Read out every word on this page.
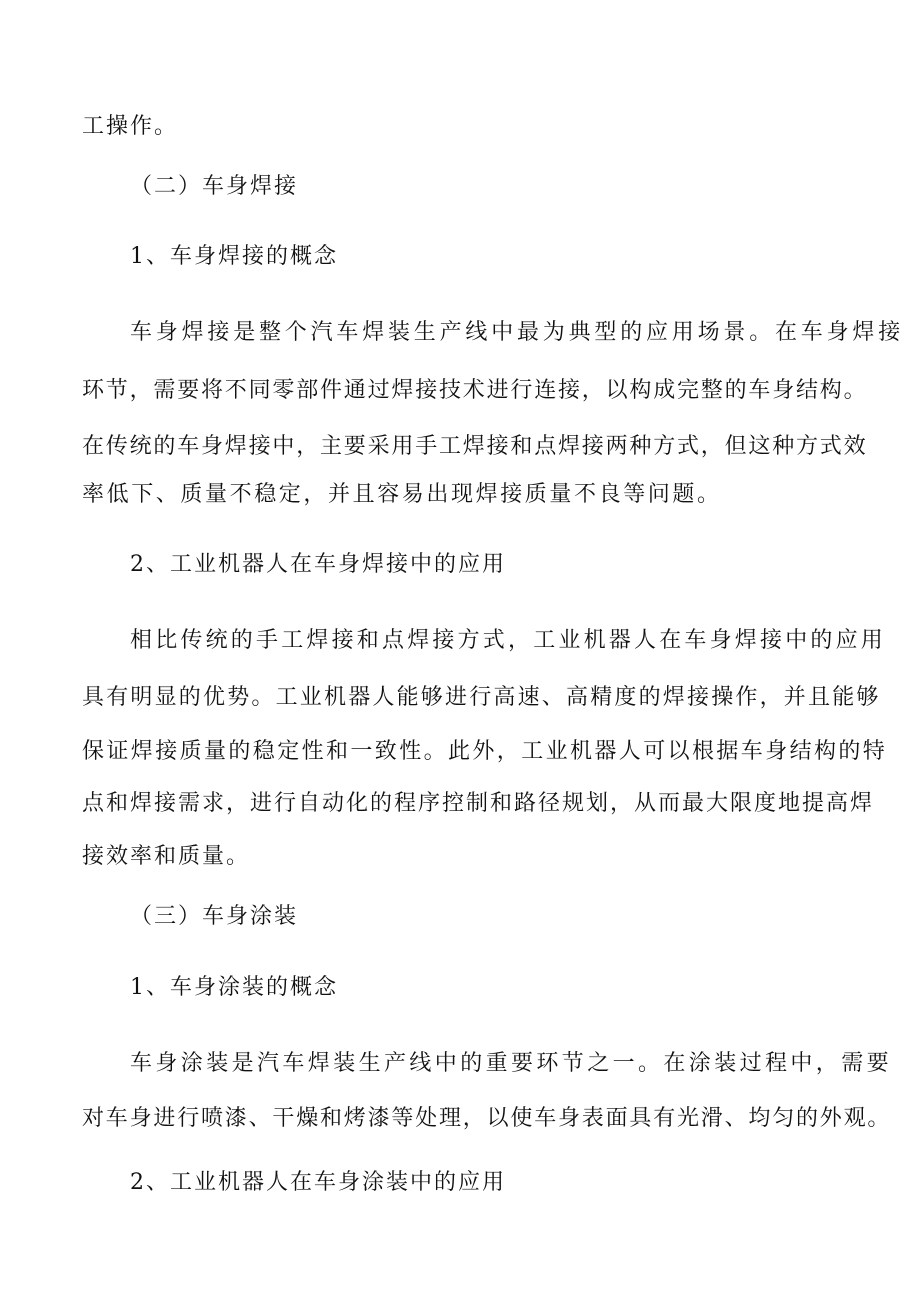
工操作。
（二）车身焊接
1、车身焊接的概念
车身焊接是整个汽车焊装生产线中最为典型的应用场景。在车身焊接
环节，需要将不同零部件通过焊接技术进行连接，以构成完整的车身结构。
在传统的车身焊接中，主要采用手工焊接和点焊接两种方式，但这种方式效
率低下、质量不稳定，并且容易出现焊接质量不良等问题。
2、工业机器人在车身焊接中的应用
相比传统的手工焊接和点焊接方式，工业机器人在车身焊接中的应用
具有明显的优势。工业机器人能够进行高速、高精度的焊接操作，并且能够
保证焊接质量的稳定性和一致性。此外，工业机器人可以根据车身结构的特
点和焊接需求，进行自动化的程序控制和路径规划，从而最大限度地提高焊
接效率和质量。
（三）车身涂装
1、车身涂装的概念
车身涂装是汽车焊装生产线中的重要环节之一。在涂装过程中，需要
对车身进行喷漆、干燥和烤漆等处理，以使车身表面具有光滑、均匀的外观。
2、工业机器人在车身涂装中的应用
